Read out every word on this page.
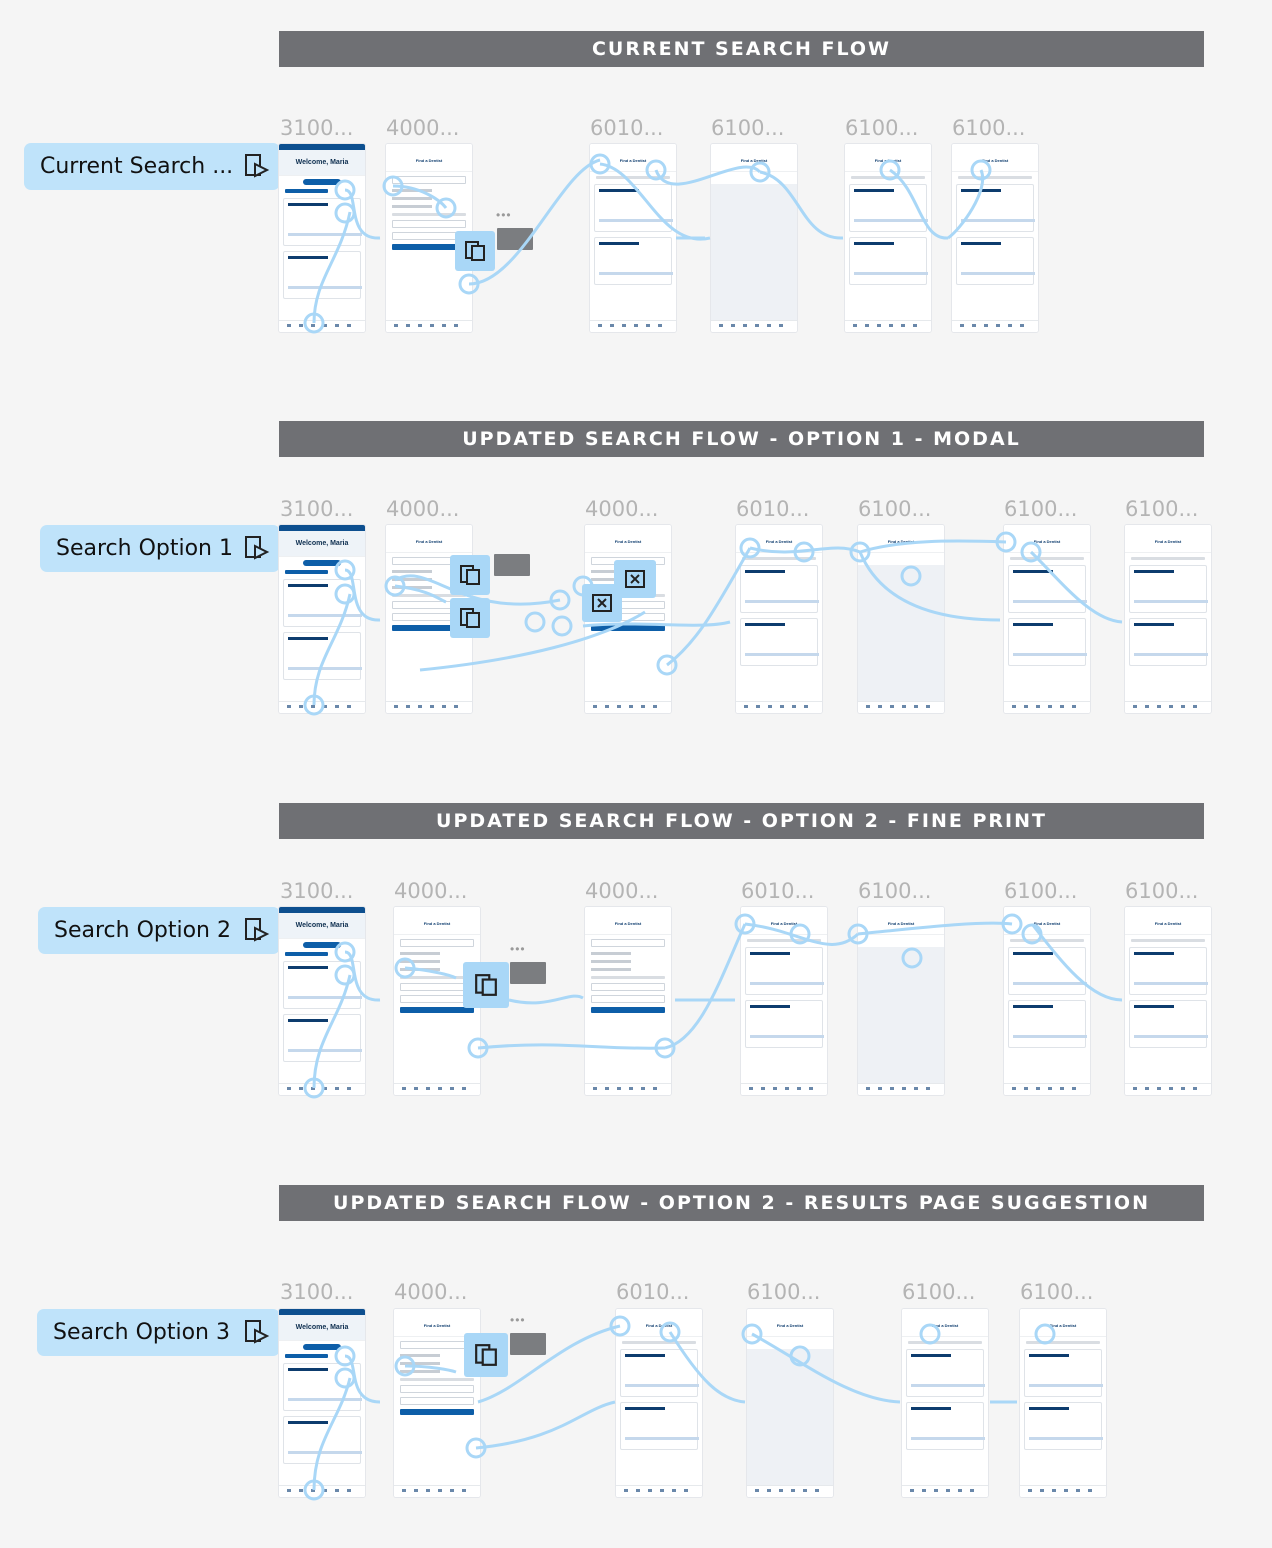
CURRENT SEARCH FLOW
UPDATED SEARCH FLOW - OPTION 1 - MODAL
UPDATED SEARCH FLOW - OPTION 2 - FINE PRINT
UPDATED SEARCH FLOW - OPTION 2 - RESULTS PAGE SUGGESTION
Current Search ...
Search Option 1
Search Option 2
Search Option 3
3100... 4000...	6010... 6100...	6100... 6100...
3100... 4000...	4000...	6010... 6100...	6100... 6100...
3100... 4000...	4000...	6010... 6100...	6100... 6100...
3100... 4000...	6010...	6100...	6100... 6100...
Welcome, Maria	Find a Dentist	Find a Dentist	Find a Dentist	Find a Dentist	Find a Dentist
Welcome, Maria	Find a Dentist	Find a Dentist	Find a Dentist	Find a Dentist	Find a Dentist	Find a Dentist
Welcome, Maria	Find a Dentist	Find a Dentist	Find a Dentist	Find a Dentist	Find a Dentist	Find a Dentist
Welcome, Maria	Find a Dentist	Find a Dentist	Find a Dentist	Find a Dentist	Find a Dentist
•••
•••
•••
